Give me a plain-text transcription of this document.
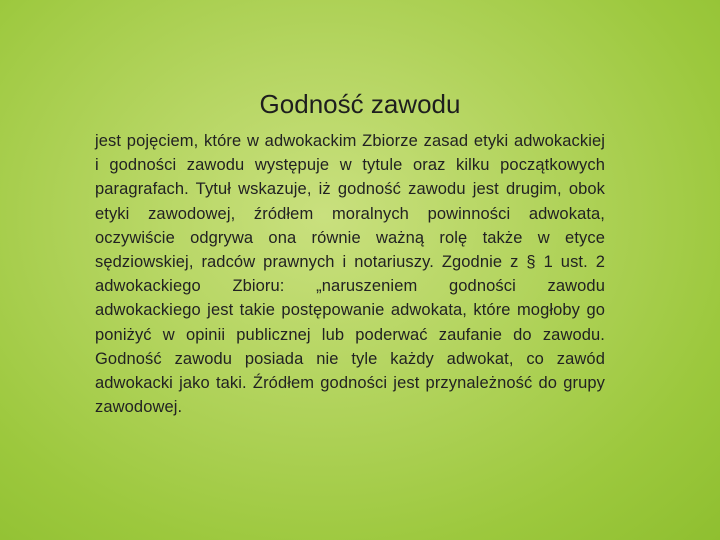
Godność zawodu

jest pojęciem, które w adwokackim Zbiorze zasad etyki adwokackiej i godności zawodu występuje w tytule oraz kilku początkowych paragrafach. Tytuł wskazuje, iż godność zawodu jest drugim, obok etyki zawodowej, źródłem moralnych powinności adwokata, oczywiście odgrywa ona równie ważną rolę także w etyce sędziowskiej, radców prawnych i notariuszy. Zgodnie z § 1 ust. 2 adwokackiego Zbioru: „naruszeniem godności zawodu adwokackiego jest takie postępowanie adwokata, które mogłoby go poniżyć w opinii publicznej lub poderwać zaufanie do zawodu. Godność zawodu posiada nie tyle każdy adwokat, co zawód adwokacki jako taki. Źródłem godności jest przynależność do grupy zawodowej.
